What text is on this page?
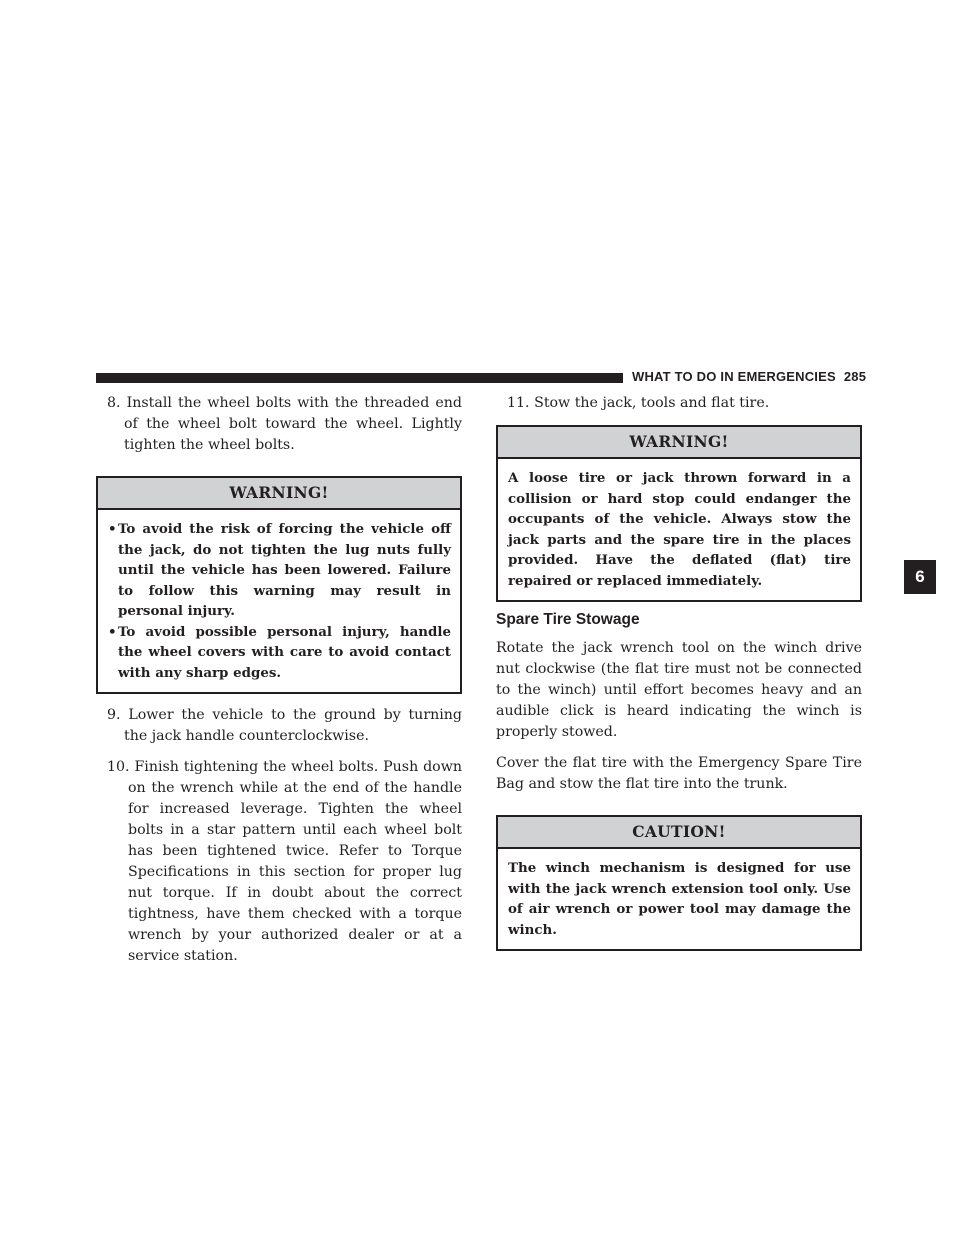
WHAT TO DO IN EMERGENCIES 285

8. Install the wheel bolts with the threaded end of the wheel bolt toward the wheel. Lightly tighten the wheel bolts.

WARNING!
• To avoid the risk of forcing the vehicle off the jack, do not tighten the lug nuts fully until the vehicle has been lowered. Failure to follow this warning may result in personal injury.
• To avoid possible personal injury, handle the wheel covers with care to avoid contact with any sharp edges.

9. Lower the vehicle to the ground by turning the jack handle counterclockwise.

10. Finish tightening the wheel bolts. Push down on the wrench while at the end of the handle for increased leverage. Tighten the wheel bolts in a star pattern until each wheel bolt has been tightened twice. Refer to Torque Specifications in this section for proper lug nut torque. If in doubt about the correct tightness, have them checked with a torque wrench by your authorized dealer or at a service station.

11. Stow the jack, tools and flat tire.

WARNING!
A loose tire or jack thrown forward in a collision or hard stop could endanger the occupants of the vehicle. Always stow the jack parts and the spare tire in the places provided. Have the deflated (flat) tire repaired or replaced immediately.
Spare Tire Stowage

Rotate the jack wrench tool on the winch drive nut clockwise (the flat tire must not be connected to the winch) until effort becomes heavy and an audible click is heard indicating the winch is properly stowed.

Cover the flat tire with the Emergency Spare Tire Bag and stow the flat tire into the trunk.

CAUTION!
The winch mechanism is designed for use with the jack wrench extension tool only. Use of air wrench or power tool may damage the winch.
6
